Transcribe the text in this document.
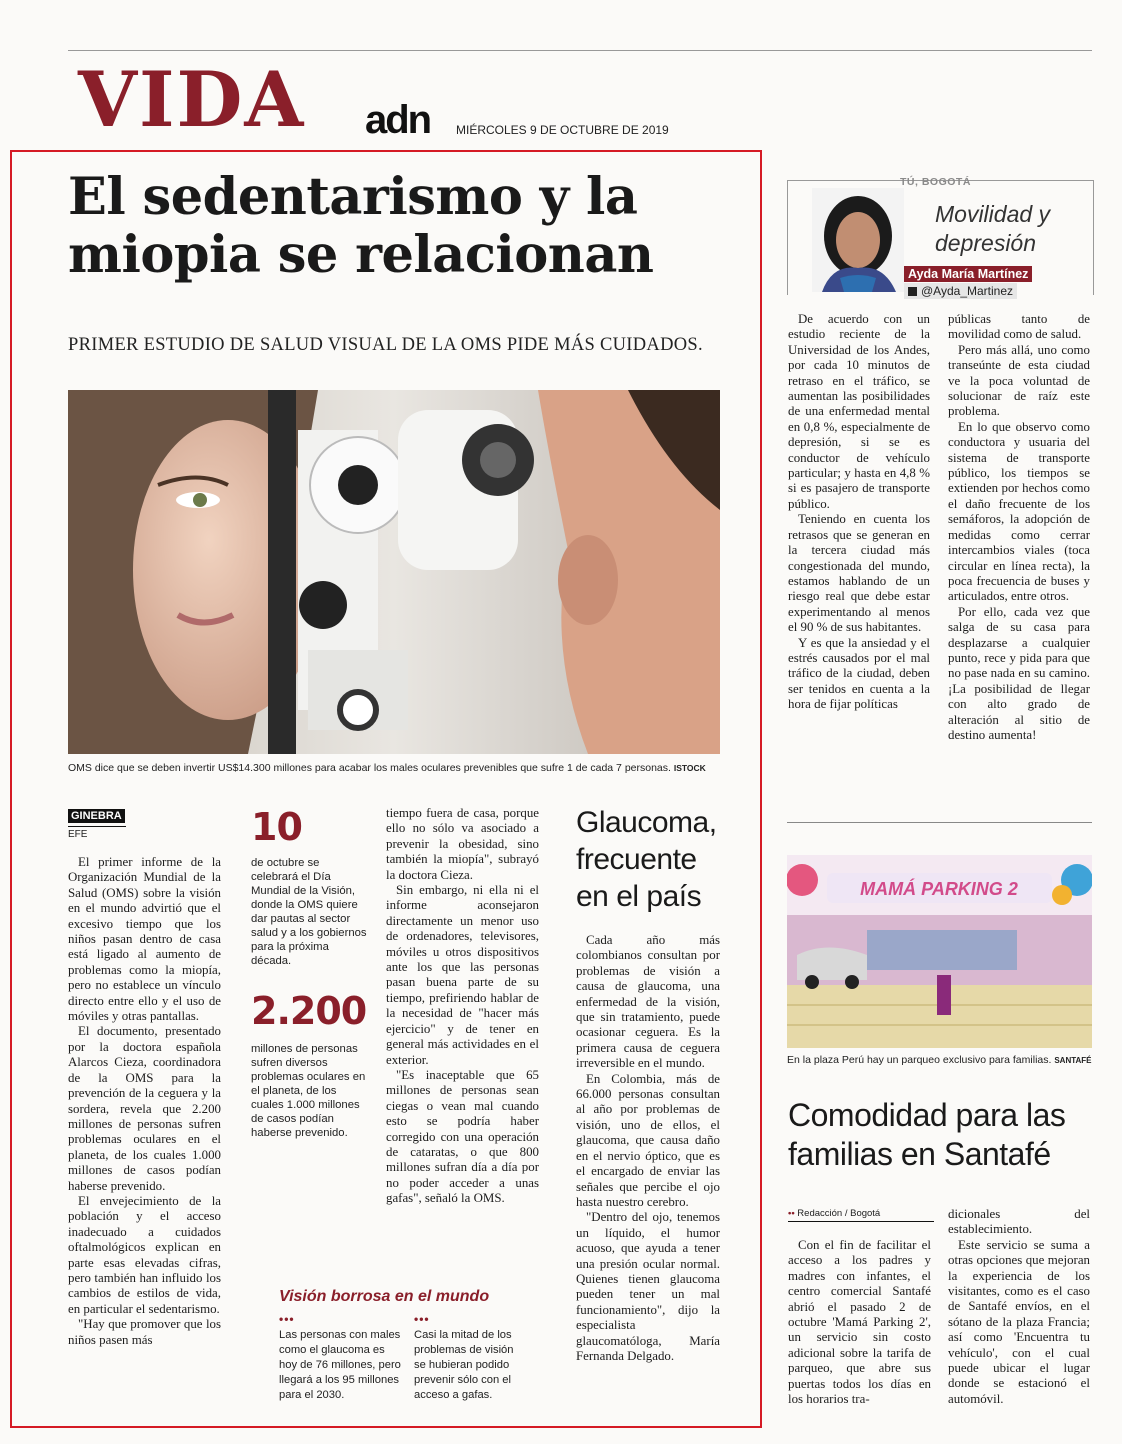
VIDA adn MIÉRCOLES 9 DE OCTUBRE DE 2019
El sedentarismo y la miopia se relacionan
PRIMER ESTUDIO DE SALUD VISUAL DE LA OMS PIDE MÁS CUIDADOS.
OMS dice que se deben invertir US$14.300 millones para acabar los males oculares prevenibles que sufre 1 de cada 7 personas. ISTOCK
GINEBRA
EFE

El primer informe de la Organización Mundial de la Salud (OMS) sobre la visión en el mundo advirtió que el excesivo tiempo que los niños pasan dentro de casa está ligado al aumento de problemas como la miopía, pero no establece un vínculo directo entre ello y el uso de móviles y otras pantallas.

El documento, presentado por la doctora española Alarcos Cieza, coordinadora de la OMS para la prevención de la ceguera y la sordera, revela que 2.200 millones de personas sufren problemas oculares en el planeta, de los cuales 1.000 millones de casos podían haberse prevenido.

El envejecimiento de la población y el acceso inadecuado a cuidados oftalmológicos explican en parte esas elevadas cifras, pero también han influido los cambios de estilos de vida, en particular el sedentarismo.

"Hay que promover que los niños pasen más

10
de octubre se celebrará el Día Mundial de la Visión, donde la OMS quiere dar pautas al sector salud y a los gobiernos para la próxima década.
2.200
millones de personas sufren diversos problemas oculares en el planeta, de los cuales 1.000 millones de casos podían haberse prevenido.

tiempo fuera de casa, porque ello no sólo va asociado a prevenir la obesidad, sino también la miopía", subrayó la doctora Cieza.

Sin embargo, ni ella ni el informe aconsejaron directamente un menor uso de ordenadores, televisores, móviles u otros dispositivos ante los que las personas pasan buena parte de su tiempo, prefiriendo hablar de la necesidad de "hacer más ejercicio" y de tener en general más actividades en el exterior.

"Es inaceptable que 65 millones de personas sean ciegas o vean mal cuando esto se podría haber corregido con una operación de cataratas, o que 800 millones sufran día a día por no poder acceder a unas gafas", señaló la OMS.

Glaucoma, frecuente en el país

Cada año más colombianos consultan por problemas de visión a causa de glaucoma, una enfermedad de la visión, que sin tratamiento, puede ocasionar ceguera. Es la primera causa de ceguera irreversible en el mundo.

En Colombia, más de 66.000 personas consultan al año por problemas de visión, uno de ellos, el glaucoma, que causa daño en el nervio óptico, que es el encargado de enviar las señales que percibe el ojo hasta nuestro cerebro.

"Dentro del ojo, tenemos un líquido, el humor acuoso, que ayuda a tener una presión ocular normal. Quienes tienen glaucoma pueden tener un mal funcionamiento", dijo la especialista glaucomatóloga, María Fernanda Delgado.

Visión borrosa en el mundo
•••
Las personas con males como el glaucoma es hoy de 76 millones, pero llegará a los 95 millones para el 2030.
•••
Casi la mitad de los problemas de visión se hubieran podido prevenir sólo con el acceso a gafas.
TÚ, BOGOTÁ
Movilidad y depresión
Ayda María Martínez
@Ayda_Martinez

De acuerdo con un estudio reciente de la Universidad de los Andes, por cada 10 minutos de retraso en el tráfico, se aumentan las posibilidades de una enfermedad mental en 0,8 %, especialmente de depresión, si se es conductor de vehículo particular; y hasta en 4,8 % si es pasajero de transporte público.

Teniendo en cuenta los retrasos que se generan en la tercera ciudad más congestionada del mundo, estamos hablando de un riesgo real que debe estar experimentando al menos el 90 % de sus habitantes.

Y es que la ansiedad y el estrés causados por el mal tráfico de la ciudad, deben ser tenidos en cuenta a la hora de fijar políticas

públicas tanto de movilidad como de salud.

Pero más allá, uno como transeúnte de esta ciudad ve la poca voluntad de solucionar de raíz este problema.

En lo que observo como conductora y usuaria del sistema de transporte público, los tiempos se extienden por hechos como el daño frecuente de los semáforos, la adopción de medidas como cerrar intercambios viales (toca circular en línea recta), la poca frecuencia de buses y articulados, entre otros.

Por ello, cada vez que salga de su casa para desplazarse a cualquier punto, rece y pida para que no pase nada en su camino. ¡La posibilidad de llegar con alto grado de alteración al sitio de destino aumenta!

MAMÁ PARKING 2
En la plaza Perú hay un parqueo exclusivo para familias. SANTAFÉ
Comodidad para las familias en Santafé
•• Redacción / Bogotá

Con el fin de facilitar el acceso a los padres y madres con infantes, el centro comercial Santafé abrió el pasado 2 de octubre 'Mamá Parking 2', un servicio sin costo adicional sobre la tarifa de parqueo, que abre sus puertas todos los días en los horarios tra-

dicionales del establecimiento.

Este servicio se suma a otras opciones que mejoran la experiencia de los visitantes, como es el caso de Santafé envíos, en el sótano de la plaza Francia; así como 'Encuentra tu vehículo', con el cual puede ubicar el lugar donde se estacionó el automóvil.
